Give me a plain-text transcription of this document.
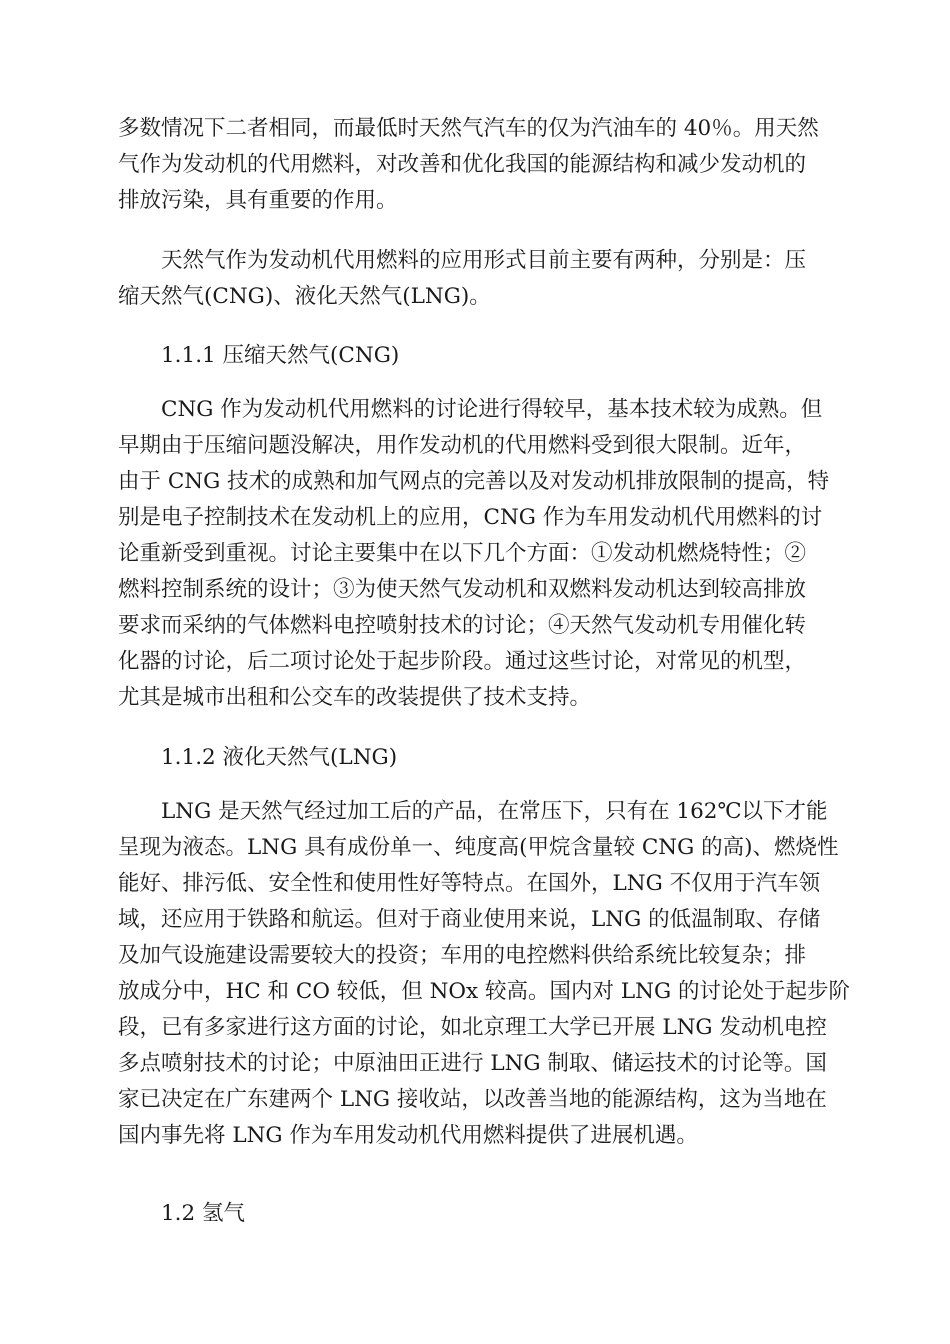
多数情况下二者相同，而最低时天然气汽车的仅为汽油车的 40％。用天然
气作为发动机的代用燃料，对改善和优化我国的能源结构和减少发动机的
排放污染，具有重要的作用。
天然气作为发动机代用燃料的应用形式目前主要有两种，分别是：压
缩天然气(CNG)、液化天然气(LNG)。
1.1.1 压缩天然气(CNG)
CNG 作为发动机代用燃料的讨论进行得较早，基本技术较为成熟。但
早期由于压缩问题没解决，用作发动机的代用燃料受到很大限制。近年，
由于 CNG 技术的成熟和加气网点的完善以及对发动机排放限制的提高，特
别是电子控制技术在发动机上的应用，CNG 作为车用发动机代用燃料的讨
论重新受到重视。讨论主要集中在以下几个方面：①发动机燃烧特性；②
燃料控制系统的设计；③为使天然气发动机和双燃料发动机达到较高排放
要求而采纳的气体燃料电控喷射技术的讨论；④天然气发动机专用催化转
化器的讨论，后二项讨论处于起步阶段。通过这些讨论，对常见的机型，
尤其是城市出租和公交车的改装提供了技术支持。
1.1.2 液化天然气(LNG)
LNG 是天然气经过加工后的产品，在常压下，只有在 162℃以下才能
呈现为液态。LNG 具有成份单一、纯度高(甲烷含量较 CNG 的高)、燃烧性
能好、排污低、安全性和使用性好等特点。在国外，LNG 不仅用于汽车领
域，还应用于铁路和航运。但对于商业使用来说，LNG 的低温制取、存储
及加气设施建设需要较大的投资；车用的电控燃料供给系统比较复杂；排
放成分中，HC 和 CO 较低，但 NOx 较高。国内对 LNG 的讨论处于起步阶
段，已有多家进行这方面的讨论，如北京理工大学已开展 LNG 发动机电控
多点喷射技术的讨论；中原油田正进行 LNG 制取、储运技术的讨论等。国
家已决定在广东建两个 LNG 接收站，以改善当地的能源结构，这为当地在
国内事先将 LNG 作为车用发动机代用燃料提供了进展机遇。
1.2 氢气
